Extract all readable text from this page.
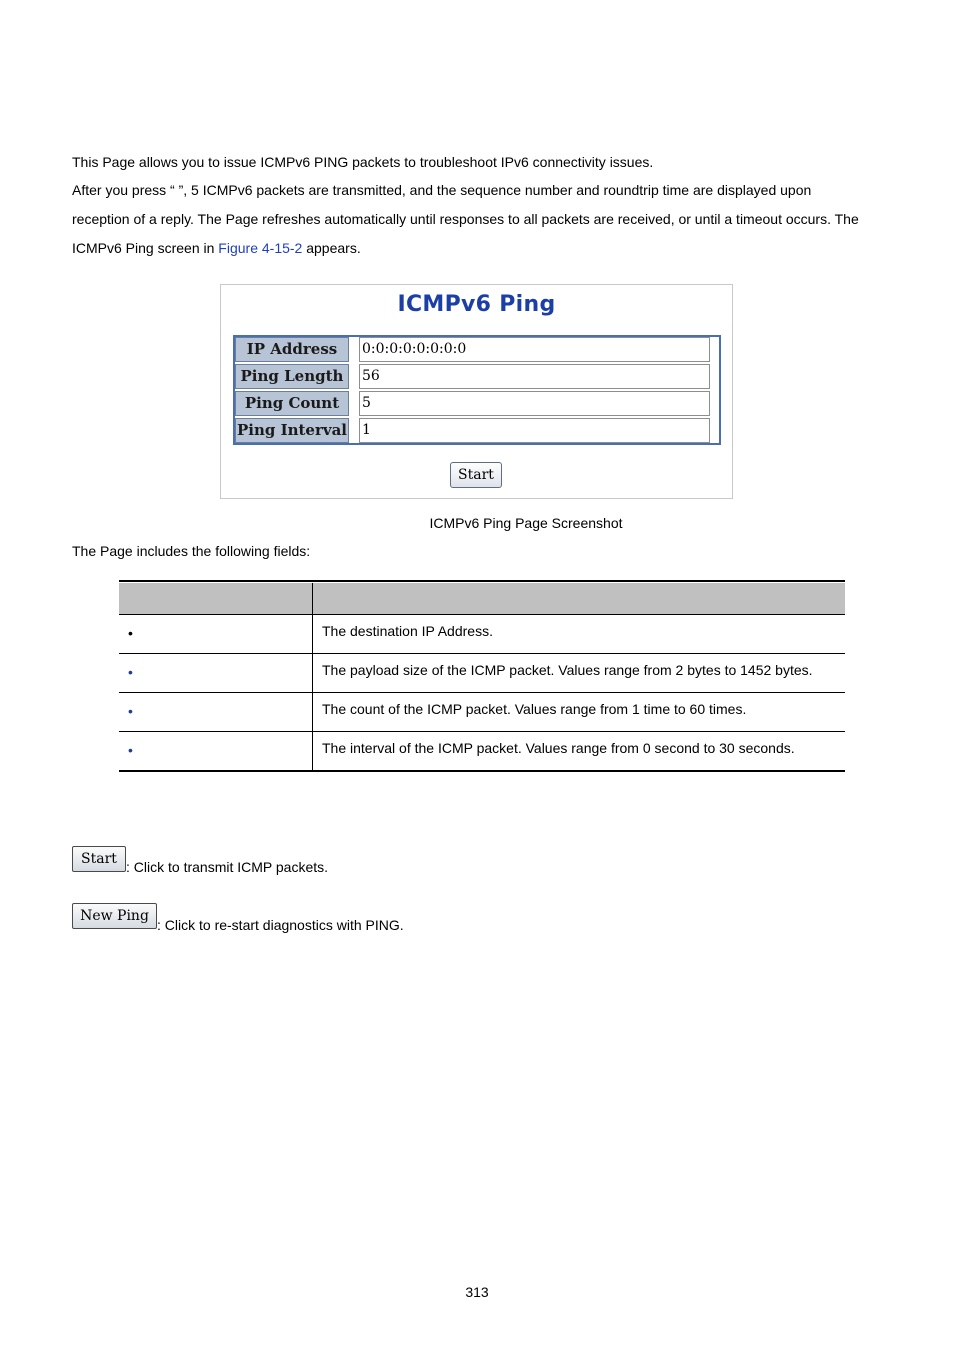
This Page allows you to issue ICMPv6 PING packets to troubleshoot IPv6 connectivity issues.
After you press “ ”, 5 ICMPv6 packets are transmitted, and the sequence number and roundtrip time are displayed upon
reception of a reply. The Page refreshes automatically until responses to all packets are received, or until a timeout occurs. The
ICMPv6 Ping screen in Figure 4-15-2 appears.
ICMPv6 Ping
IP Address	0:0:0:0:0:0:0:0
Ping Length	56
Ping Count	5
Ping Interval 1
Start
ICMPv6 Ping Page Screenshot
The Page includes the following fields:
•	The destination IP Address.
•	The payload size of the ICMP packet. Values range from 2 bytes to 1452 bytes.
•	The count of the ICMP packet. Values range from 1 time to 60 times.
•	The interval of the ICMP packet. Values range from 0 second to 30 seconds.
Start : Click to transmit ICMP packets.
New Ping
: Click to re-start diagnostics with PING.
313
